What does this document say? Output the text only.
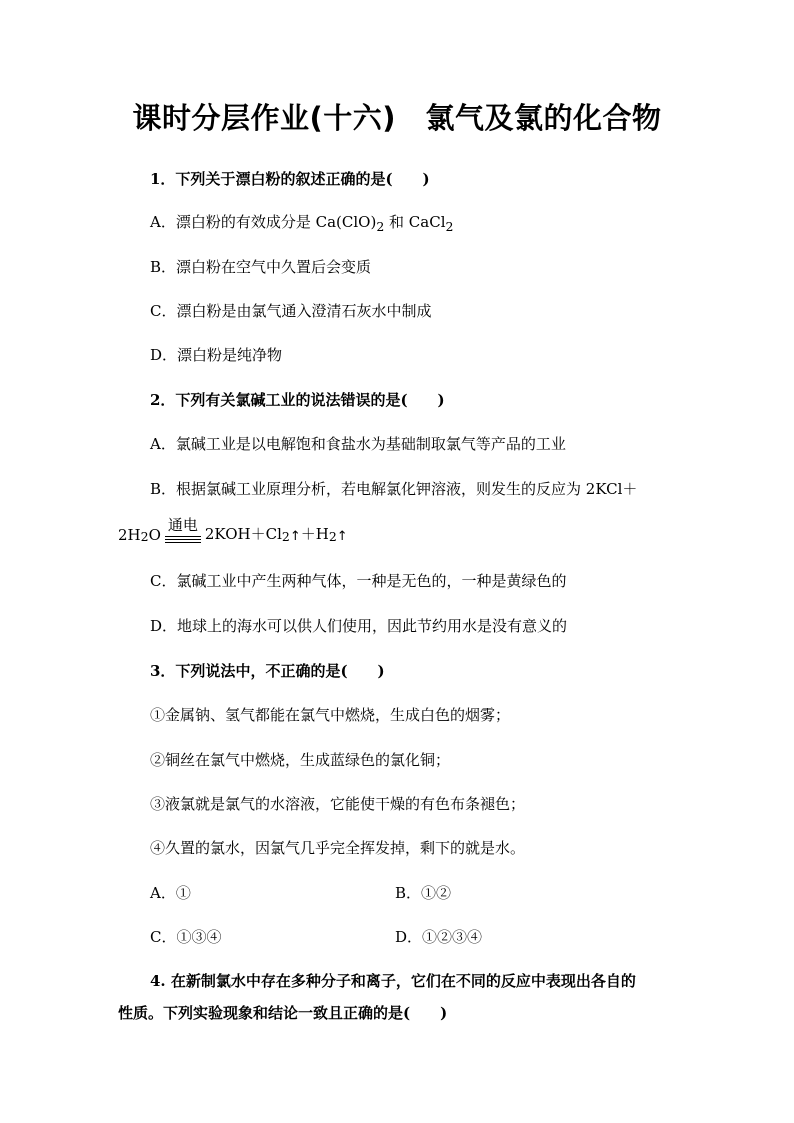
课时分层作业(十六)　氯气及氯的化合物
1．下列关于漂白粉的叙述正确的是(　　)
A．漂白粉的有效成分是 $Ca(ClO)_2$ 和 CaCl$_2$
B．漂白粉在空气中久置后会变质
C．漂白粉是由氯气通入澄清石灰水中制成
D．漂白粉是纯净物
2．下列有关氯碱工业的说法错误的是(　　)
A．氯碱工业是以电解饱和食盐水为基础制取氯气等产品的工业
B．根据氯碱工业原理分析，若电解氯化钾溶液，则发生的反应为 2KCl＋
2H 2 O
通电 $2KOH+Cl_2$ ↑ $+H_2$ ↑
C．氯碱工业中产生两种气体，一种是无色的，一种是黄绿色的
D．地球上的海水可以供人们使用，因此节约用水是没有意义的
3．下列说法中，不正确的是(　　)
①金属钠、氢气都能在氯气中燃烧，生成白色的烟雾；
②铜丝在氯气中燃烧，生成蓝绿色的氯化铜；
③液氯就是氯气的水溶液，它能使干燥的有色布条褪色；
④久置的氯水，因氯气几乎完全挥发掉，剩下的就是水。
A．①	B．①②
C．①③④	D．①②③④
4. 在新制氯水中存在多种分子和离子，它们在不同的反应中表现出各自的
性质。下列实验现象和结论一致且正确的是(　　)
